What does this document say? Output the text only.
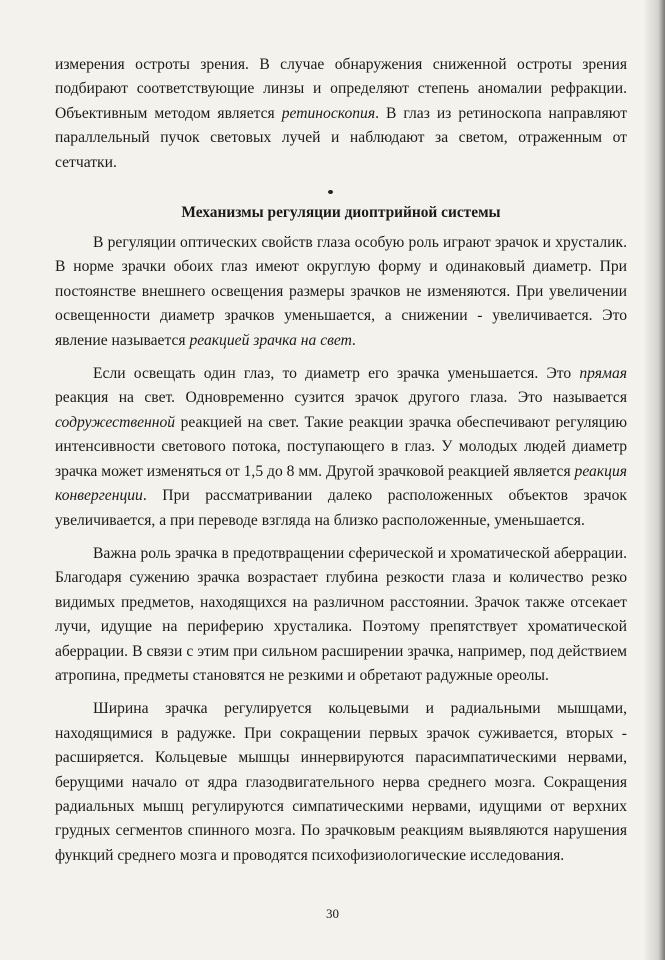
измерения остроты зрения. В случае обнаружения сниженной остроты зрения подбирают соответствующие линзы и определяют степень аномалии рефракции. Объективным методом является ретиноскопия. В глаз из ретиноскопа направляют параллельный пучок световых лучей и наблюдают за светом, отраженным от сетчатки.

Механизмы регуляции диоптрийной системы

В регуляции оптических свойств глаза особую роль играют зрачок и хрусталик. В норме зрачки обоих глаз имеют округлую форму и одинаковый диаметр. При постоянстве внешнего освещения размеры зрачков не изменяются. При увеличении освещенности диаметр зрачков уменьшается, а снижении - увеличивается. Это явление называется реакцией зрачка на свет.

Если освещать один глаз, то диаметр его зрачка уменьшается. Это прямая реакция на свет. Одновременно сузится зрачок другого глаза. Это называется содружественной реакцией на свет. Такие реакции зрачка обеспечивают регуляцию интенсивности светового потока, поступающего в глаз. У молодых людей диаметр зрачка может изменяться от 1,5 до 8 мм. Другой зрачковой реакцией является реакция конвергенции. При рассматривании далеко расположенных объектов зрачок увеличивается, а при переводе взгляда на близко расположенные, уменьшается.

Важна роль зрачка в предотвращении сферической и хроматической аберрации. Благодаря сужению зрачка возрастает глубина резкости глаза и количество резко видимых предметов, находящихся на различном расстоянии. Зрачок также отсекает лучи, идущие на периферию хрусталика. Поэтому препятствует хроматической аберрации. В связи с этим при сильном расширении зрачка, например, под действием атропина, предметы становятся не резкими и обретают радужные ореолы.

Ширина зрачка регулируется кольцевыми и радиальными мышцами, находящимися в радужке. При сокращении первых зрачок суживается, вторых - расширяется. Кольцевые мышцы иннервируются парасимпатическими нервами, берущими начало от ядра глазодвигательного нерва среднего мозга. Сокращения радиальных мышц регулируются симпатическими нервами, идущими от верхних грудных сегментов спинного мозга. По зрачковым реакциям выявляются нарушения функций среднего мозга и проводятся психофизиологические исследования.

30
